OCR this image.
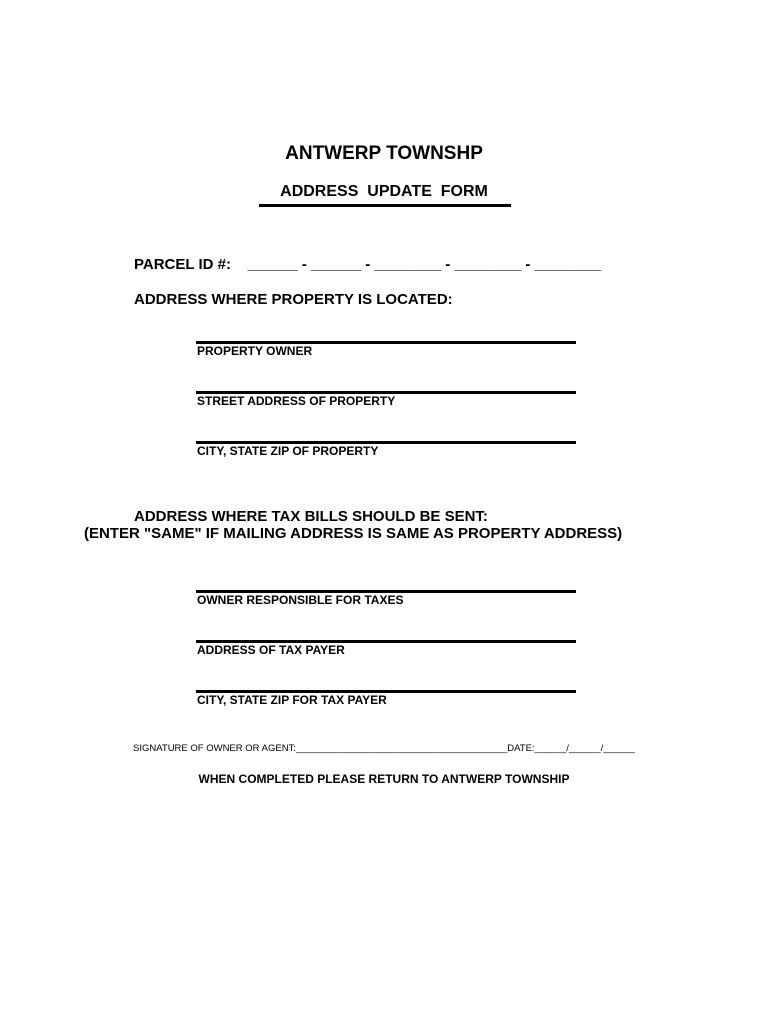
ANTWERP TOWNSHP
ADDRESS  UPDATE  FORM
PARCEL ID #:    ______ - ______ - ________ - ________ - ________
ADDRESS WHERE PROPERTY IS LOCATED:
PROPERTY OWNER
STREET ADDRESS OF PROPERTY
CITY, STATE ZIP OF PROPERTY
ADDRESS WHERE TAX BILLS SHOULD BE SENT:
(ENTER "SAME" IF MAILING ADDRESS IS SAME AS PROPERTY ADDRESS)
OWNER RESPONSIBLE FOR TAXES
ADDRESS OF TAX PAYER
CITY, STATE ZIP FOR TAX PAYER
SIGNATURE OF OWNER OR AGENT:________________________________________DATE:______/______/______
WHEN COMPLETED PLEASE RETURN TO ANTWERP TOWNSHIP
